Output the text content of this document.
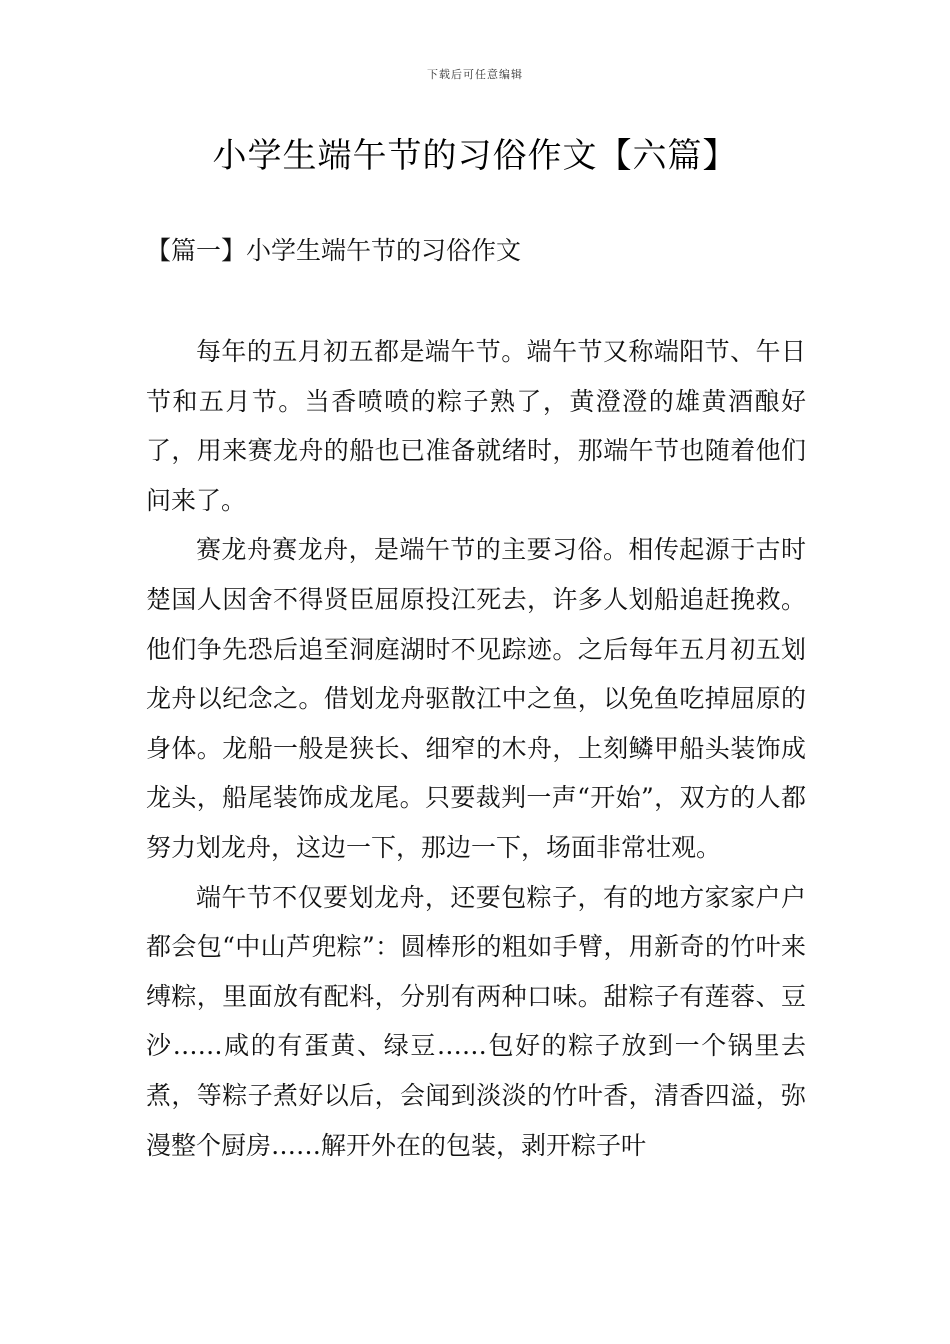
下载后可任意编辑
小学生端午节的习俗作文【六篇】
【篇一】小学生端午节的习俗作文

每年的五月初五都是端午节。端午节又称端阳节、午日节和五月节。当香喷喷的粽子熟了，黄澄澄的雄黄酒酿好了，用来赛龙舟的船也已准备就绪时，那端午节也随着他们问来了。

赛龙舟赛龙舟，是端午节的主要习俗。相传起源于古时楚国人因舍不得贤臣屈原投江死去，许多人划船追赶挽救。他们争先恐后追至洞庭湖时不见踪迹。之后每年五月初五划龙舟以纪念之。借划龙舟驱散江中之鱼，以免鱼吃掉屈原的身体。龙船一般是狭长、细窄的木舟，上刻鳞甲船头装饰成龙头，船尾装饰成龙尾。只要裁判一声“开始”，双方的人都努力划龙舟，这边一下，那边一下，场面非常壮观。

端午节不仅要划龙舟，还要包粽子，有的地方家家户户都会包“中山芦兜粽”：圆棒形的粗如手臂，用新奇的竹叶来缚粽，里面放有配料，分别有两种口味。甜粽子有莲蓉、豆沙……咸的有蛋黄、绿豆……包好的粽子放到一个锅里去煮，等粽子煮好以后，会闻到淡淡的竹叶香，清香四溢，弥漫整个厨房……解开外在的包装，剥开粽子叶
